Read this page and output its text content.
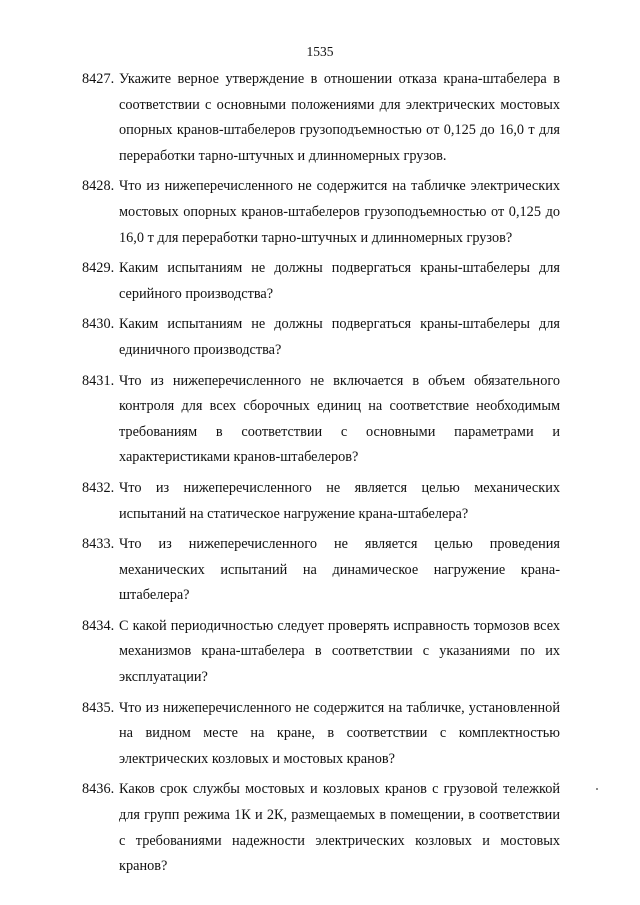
1535
8427. Укажите верное утверждение в отношении отказа крана-штабелера в соответствии с основными положениями для электрических мостовых опорных кранов-штабелеров грузоподъемностью от 0,125 до 16,0 т для переработки тарно-штучных и длинномерных грузов.
8428. Что из нижеперечисленного не содержится на табличке электрических мостовых опорных кранов-штабелеров грузоподъемностью от 0,125 до 16,0 т для переработки тарно-штучных и длинномерных грузов?
8429. Каким испытаниям не должны подвергаться краны-штабелеры для серийного производства?
8430. Каким испытаниям не должны подвергаться краны-штабелеры для единичного производства?
8431. Что из нижеперечисленного не включается в объем обязательного контроля для всех сборочных единиц на соответствие необходимым требованиям в соответствии с основными параметрами и характеристиками кранов-штабелеров?
8432. Что из нижеперечисленного не является целью механических испытаний на статическое нагружение крана-штабелера?
8433. Что из нижеперечисленного не является целью проведения механических испытаний на динамическое нагружение крана-штабелера?
8434. С какой периодичностью следует проверять исправность тормозов всех механизмов крана-штабелера в соответствии с указаниями по их эксплуатации?
8435. Что из нижеперечисленного не содержится на табличке, установленной на видном месте на кране, в соответствии с комплектностью электрических козловых и мостовых кранов?
8436. Каков срок службы мостовых и козловых кранов с грузовой тележкой для групп режима 1К и 2К, размещаемых в помещении, в соответствии с требованиями надежности электрических козловых и мостовых кранов?
